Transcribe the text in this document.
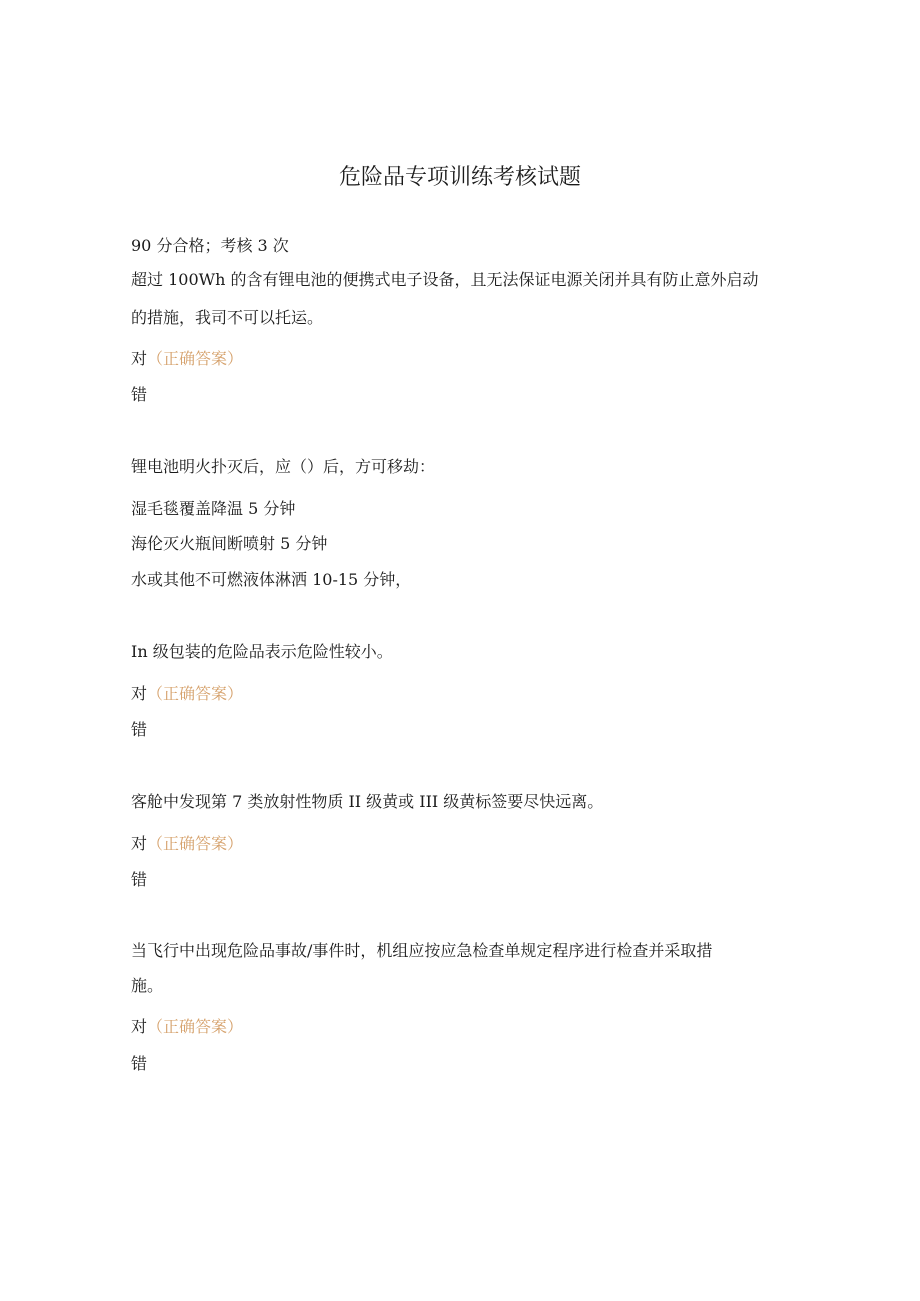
危险品专项训练考核试题
90 分合格；考核 3 次
超过 100Wh 的含有锂电池的便携式电子设备，且无法保证电源关闭并具有防止意外启动
的措施，我司不可以托运。
对（正确答案）
错
锂电池明火扑灭后，应（）后，方可移劫：
湿毛毯覆盖降温 5 分钟
海伦灭火瓶间断喷射 5 分钟
水或其他不可燃液体淋洒 10-15 分钟，
In 级包装的危险品表示危险性较小。
对（正确答案）
错
客舱中发现第 7 类放射性物质 II 级黄或 III 级黄标签要尽快远离。
对（正确答案）
错
当飞行中出现危险品事故/事件时，机组应按应急检查单规定程序进行检查并采取措
施。
对（正确答案）
错
